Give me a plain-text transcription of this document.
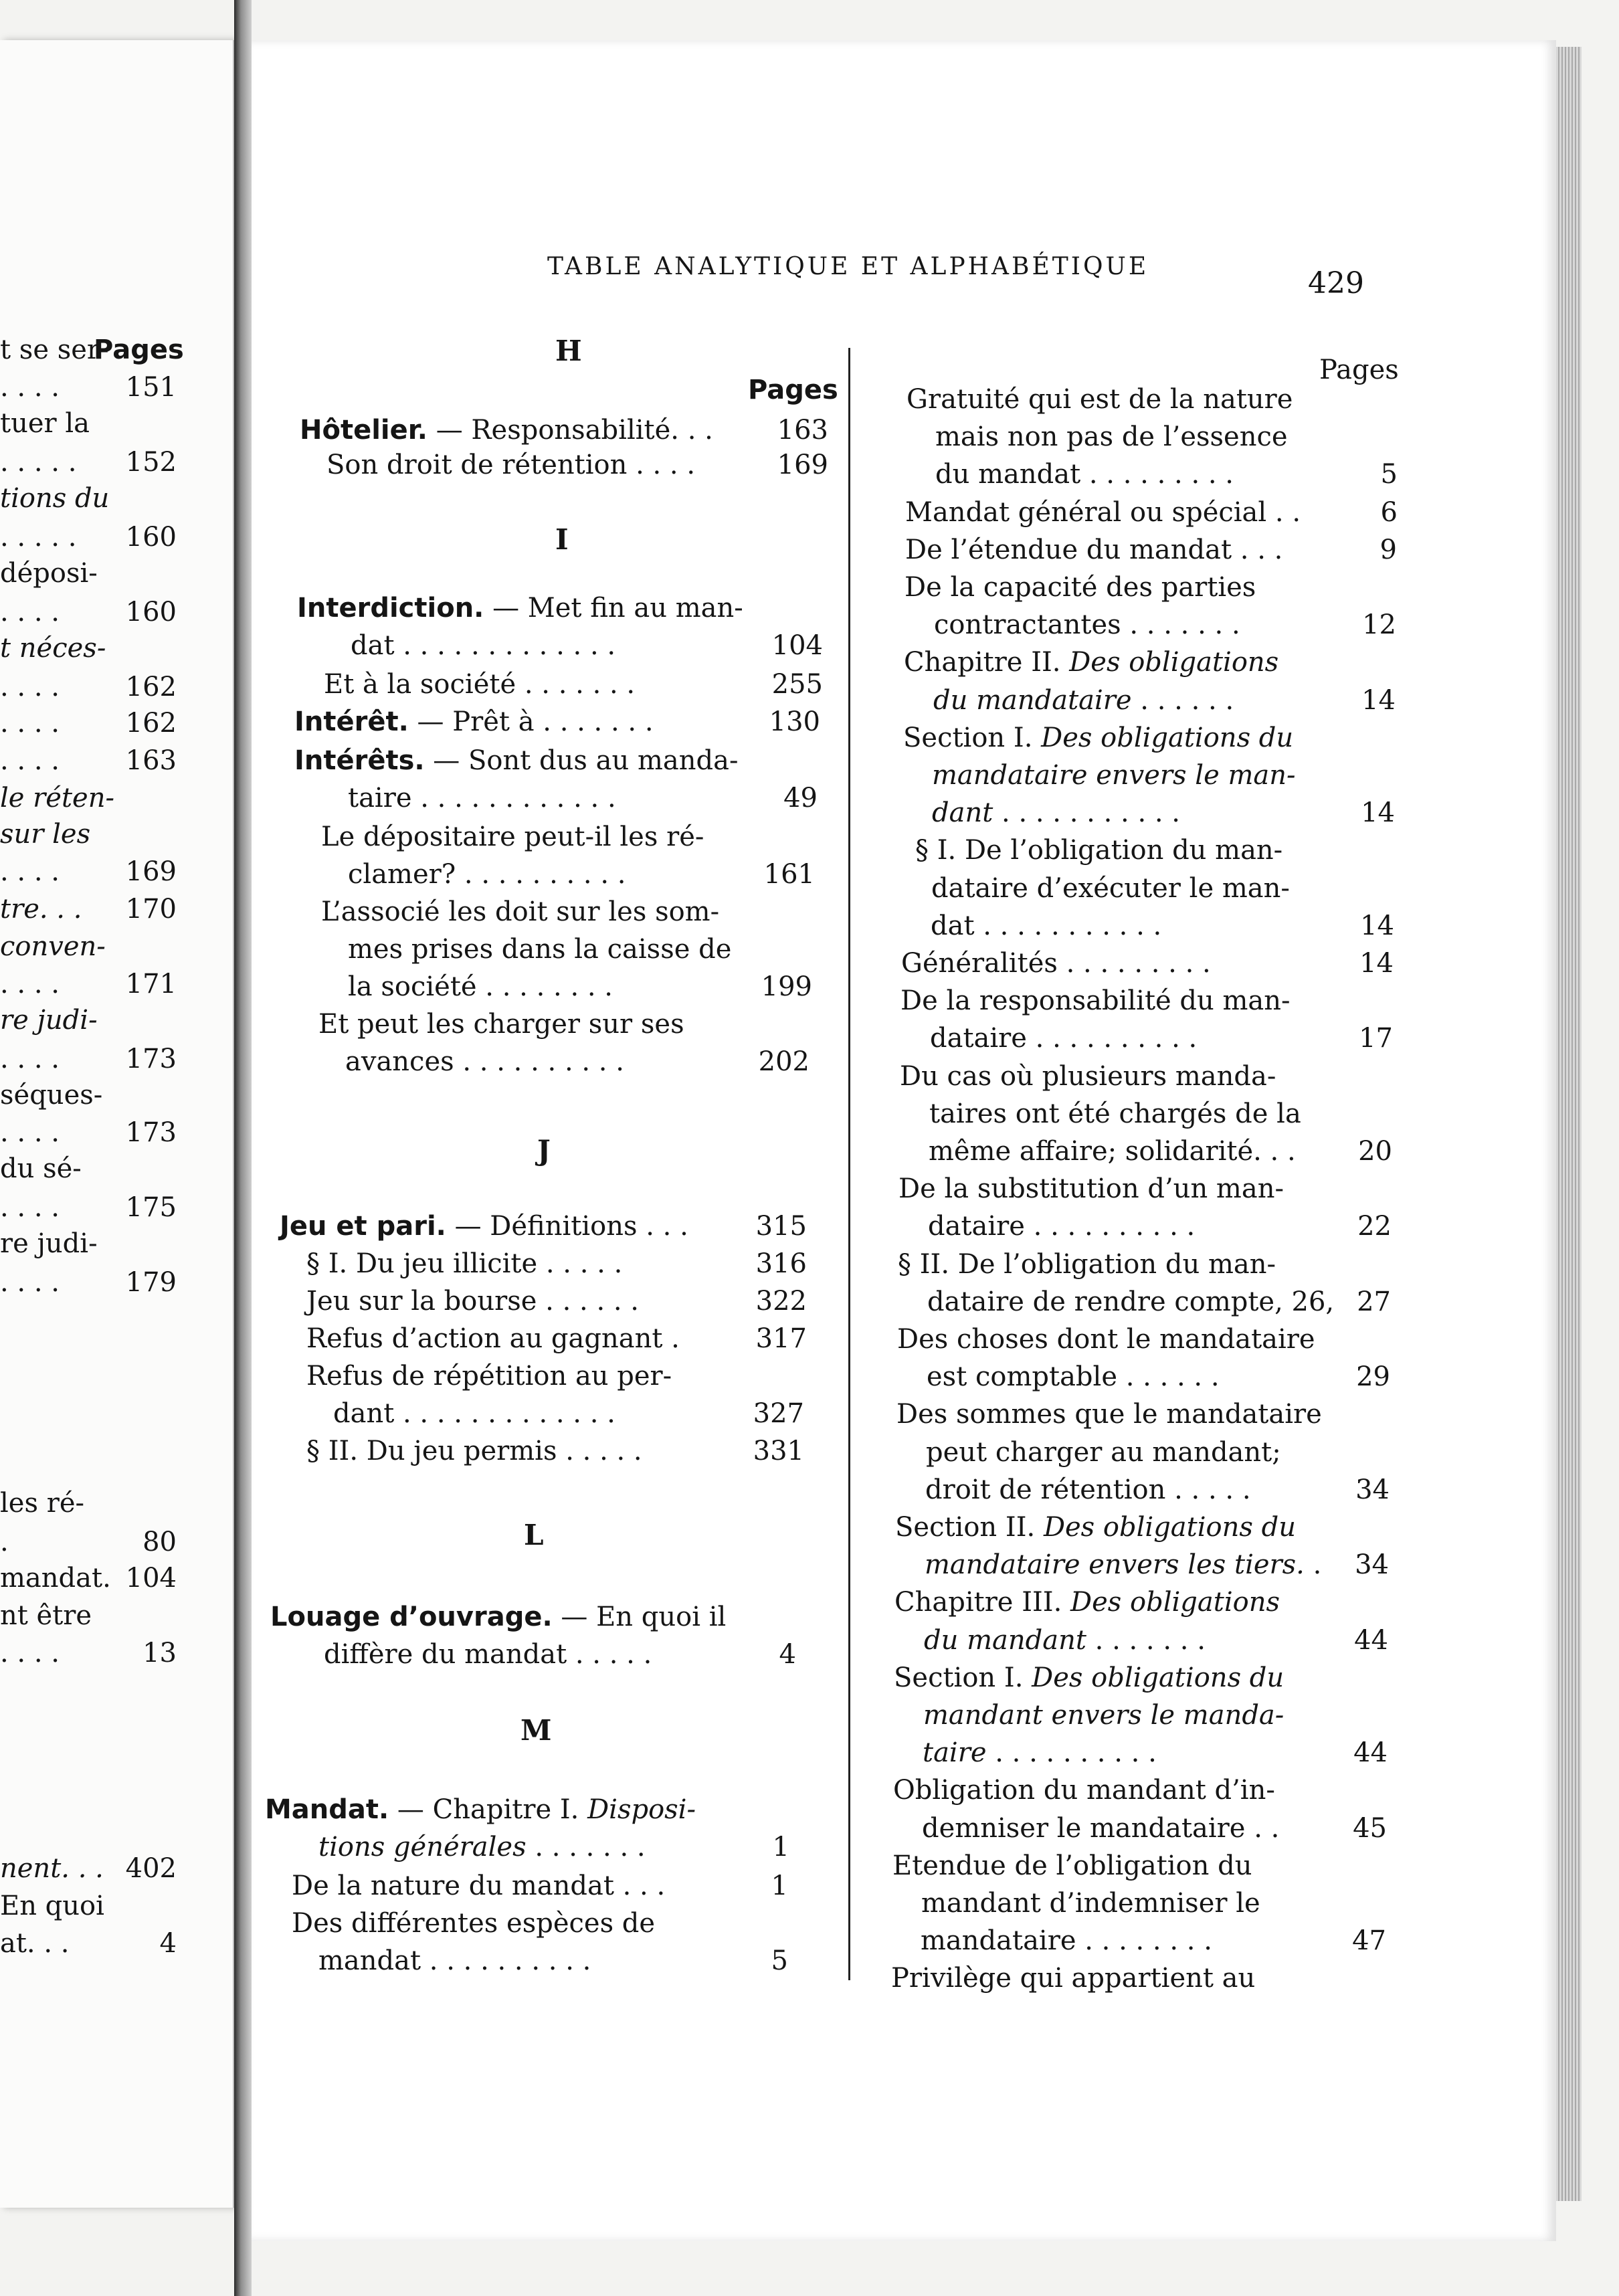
Pages
t se ser-
. . . . 151
tuer la
. . . . . 152
tions du
. . . . . 160
déposi-
. . . . 160
t néces-
. . . . 162
. . . . 162
. . . . 163
le réten-
sur les
. . . . 169
tre. . . 170
conven-
. . . . 171
re judi-
. . . . 173
séques-
. . . . 173
du sé-
. . . . 175
re judi-
. . . . 179
les ré-
.	80
mandat. 104
nt être
. . . .	13
nent. . . 402
En quoi
at. . .	4
TABLE ANALYTIQUE ET ALPHABÉTIQUE	429
H
I
J
L
M
Hôtelier. — Responsabilité. . . 163
Son droit de rétention . . . .	169
Interdiction. — Met fin au man-
dat . . . . . . . . . . . . .	104
Et à la société . . . . . . .	255
Intérêt. — Prêt à . . . . . . .	130
Intérêts. — Sont dus au manda-
taire . . . . . . . . . . . .	49
Le dépositaire peut-il les ré-
clamer? . . . . . . . . . .	161
L’associé les doit sur les som-
mes prises dans la caisse de
la société . . . . . . . .	199
Et peut les charger sur ses
avances . . . . . . . . . .	202
Jeu et pari. — Définitions . . .	315
§ I. Du jeu illicite . . . . .	316
Jeu sur la bourse . . . . . .	322
Refus d’action au gagnant .	317
Refus de répétition au per-
dant . . . . . . . . . . . . .	327
§ II. Du jeu permis . . . . .	331
Louage d’ouvrage. — En quoi il
diffère du mandat . . . . .	4
Mandat. — Chapitre I. Disposi-
tions générales . . . . . . .	1
De la nature du mandat . . .	1
Des différentes espèces de
mandat . . . . . . . . . .	5
Gratuité qui est de la nature
mais non pas de l’essence
du mandat . . . . . . . . .	5
Mandat général ou spécial . .	6
De l’étendue du mandat . . .	9
De la capacité des parties
contractantes . . . . . . .	12
Chapitre II. Des obligations
du mandataire . . . . . .	14
Section I. Des obligations du
mandataire envers le man-
dant . . . . . . . . . . .	14
§ I. De l’obligation du man-
dataire d’exécuter le man-
dat . . . . . . . . . . .	14
Généralités . . . . . . . . .	14
De la responsabilité du man-
dataire . . . . . . . . . .	17
Du cas où plusieurs manda-
taires ont été chargés de la
même affaire; solidarité. . . 20
De la substitution d’un man-
dataire . . . . . . . . . .	22
§ II. De l’obligation du man-
dataire de rendre compte, 26, 27
Des choses dont le mandataire
est comptable . . . . . .	29
Des sommes que le mandataire
peut charger au mandant;
droit de rétention . . . . .	34
Section II. Des obligations du
mandataire envers les tiers. . 34
Chapitre III. Des obligations
du mandant . . . . . . .	44
Section I. Des obligations du
mandant envers le manda-
taire . . . . . . . . . .	44
Obligation du mandant d’in-
demniser le mandataire . .	45
Etendue de l’obligation du
mandant d’indemniser le
mandataire . . . . . . . .	47
Privilège qui appartient au
Pages
Pages
